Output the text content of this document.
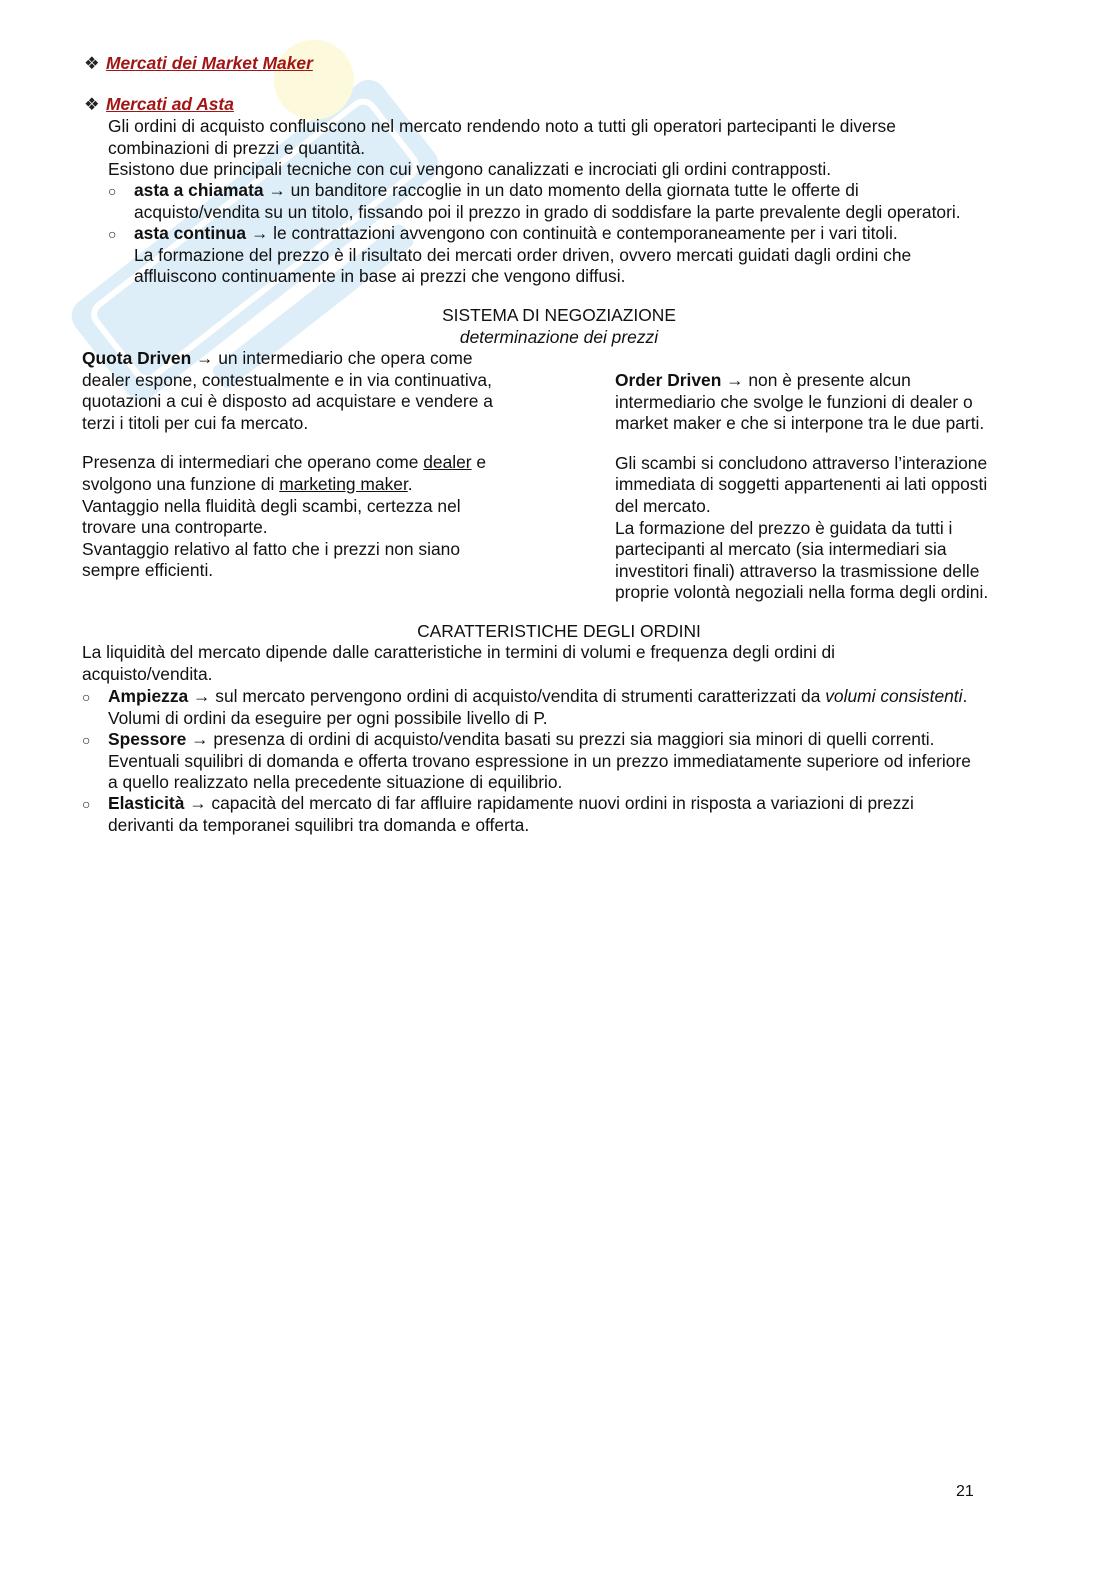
❖ Mercati dei Market Maker
❖ Mercati ad Asta
Gli ordini di acquisto confluiscono nel mercato rendendo noto a tutti gli operatori partecipanti le diverse
combinazioni di prezzi e quantità.
Esistono due principali tecniche con cui vengono canalizzati e incrociati gli ordini contrapposti.
○ asta a chiamata → un banditore raccoglie in un dato momento della giornata tutte le offerte di
acquisto/vendita su un titolo, fissando poi il prezzo in grado di soddisfare la parte prevalente degli operatori.
○ asta continua → le contrattazioni avvengono con continuità e contemporaneamente per i vari titoli.
La formazione del prezzo è il risultato dei mercati order driven, ovvero mercati guidati dagli ordini che
affluiscono continuamente in base ai prezzi che vengono diffusi.
SISTEMA DI NEGOZIAZIONE
determinazione dei prezzi
Quota Driven → un intermediario che opera come
dealer espone, contestualmente e in via continuativa,
quotazioni a cui è disposto ad acquistare e vendere a
terzi i titoli per cui fa mercato.
Presenza di intermediari che operano come dealer e
svolgono una funzione di marketing maker.
Vantaggio nella fluidità degli scambi, certezza nel
trovare una controparte.
Svantaggio relativo al fatto che i prezzi non siano
sempre efficienti.
Order Driven → non è presente alcun
intermediario che svolge le funzioni di dealer o
market maker e che si interpone tra le due parti.
Gli scambi si concludono attraverso l’interazione
immediata di soggetti appartenenti ai lati opposti
del mercato.
La formazione del prezzo è guidata da tutti i
partecipanti al mercato (sia intermediari sia
investitori finali) attraverso la trasmissione delle
proprie volontà negoziali nella forma degli ordini.
CARATTERISTICHE DEGLI ORDINI
La liquidità del mercato dipende dalle caratteristiche in termini di volumi e frequenza degli ordini di
acquisto/vendita.
○ Ampiezza → sul mercato pervengono ordini di acquisto/vendita di strumenti caratterizzati da volumi consistenti.
Volumi di ordini da eseguire per ogni possibile livello di P.
○ Spessore → presenza di ordini di acquisto/vendita basati su prezzi sia maggiori sia minori di quelli correnti.
Eventuali squilibri di domanda e offerta trovano espressione in un prezzo immediatamente superiore od inferiore
a quello realizzato nella precedente situazione di equilibrio.
○ Elasticità → capacità del mercato di far affluire rapidamente nuovi ordini in risposta a variazioni di prezzi
derivanti da temporanei squilibri tra domanda e offerta.
21
